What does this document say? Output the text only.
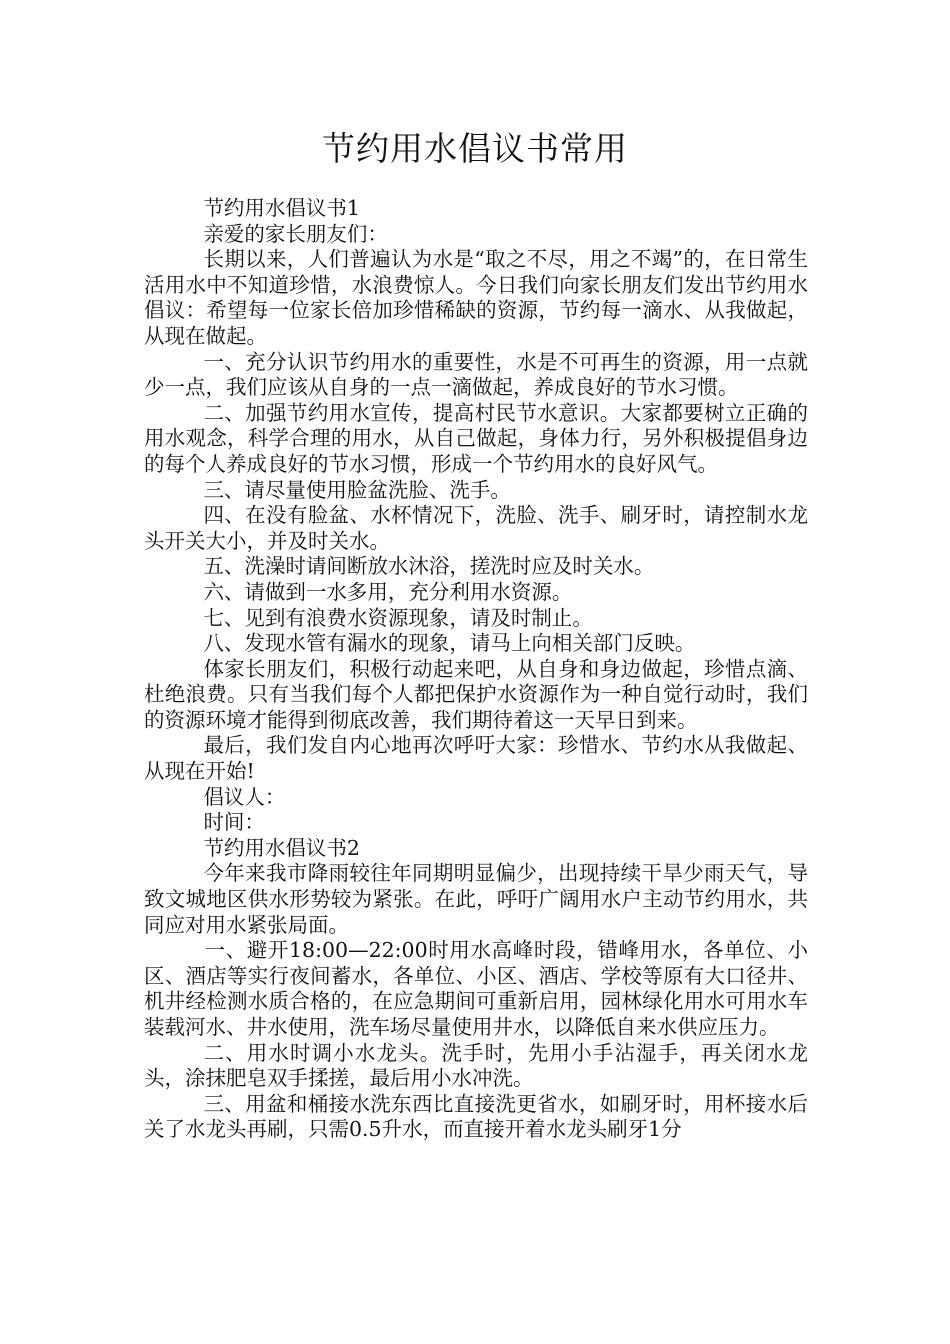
节约用水倡议书常用

节约用水倡议书1

亲爱的家长朋友们：

长期以来，人们普遍认为水是“取之不尽，用之不竭”的，在日常生活用水中不知道珍惜，水浪费惊人。今日我们向家长朋友们发出节约用水倡议：希望每一位家长倍加珍惜稀缺的资源，节约每一滴水、从我做起，从现在做起。

一、充分认识节约用水的重要性，水是不可再生的资源，用一点就少一点，我们应该从自身的一点一滴做起，养成良好的节水习惯。

二、加强节约用水宣传，提高村民节水意识。大家都要树立正确的用水观念，科学合理的用水，从自己做起，身体力行，另外积极提倡身边的每个人养成良好的节水习惯，形成一个节约用水的良好风气。

三、请尽量使用脸盆洗脸、洗手。

四、在没有脸盆、水杯情况下，洗脸、洗手、刷牙时，请控制水龙头开关大小，并及时关水。

五、洗澡时请间断放水沐浴，搓洗时应及时关水。

六、请做到一水多用，充分利用水资源。

七、见到有浪费水资源现象，请及时制止。

八、发现水管有漏水的现象，请马上向相关部门反映。

体家长朋友们，积极行动起来吧，从自身和身边做起，珍惜点滴、杜绝浪费。只有当我们每个人都把保护水资源作为一种自觉行动时，我们的资源环境才能得到彻底改善，我们期待着这一天早日到来。

最后，我们发自内心地再次呼吁大家：珍惜水、节约水从我做起、从现在开始!

倡议人：

时间：

节约用水倡议书2

今年来我市降雨较往年同期明显偏少，出现持续干旱少雨天气，导致文城地区供水形势较为紧张。在此，呼吁广阔用水户主动节约用水，共同应对用水紧张局面。

一、避开18:00—22:00时用水高峰时段，错峰用水，各单位、小区、酒店等实行夜间蓄水，各单位、小区、酒店、学校等原有大口径井、机井经检测水质合格的，在应急期间可重新启用，园林绿化用水可用水车装载河水、井水使用，洗车场尽量使用井水，以降低自来水供应压力。

二、用水时调小水龙头。洗手时，先用小手沾湿手，再关闭水龙头，涂抹肥皂双手揉搓，最后用小水冲洗。

三、用盆和桶接水洗东西比直接洗更省水，如刷牙时，用杯接水后关了水龙头再刷，只需0.5升水，而直接开着水龙头刷牙1分
